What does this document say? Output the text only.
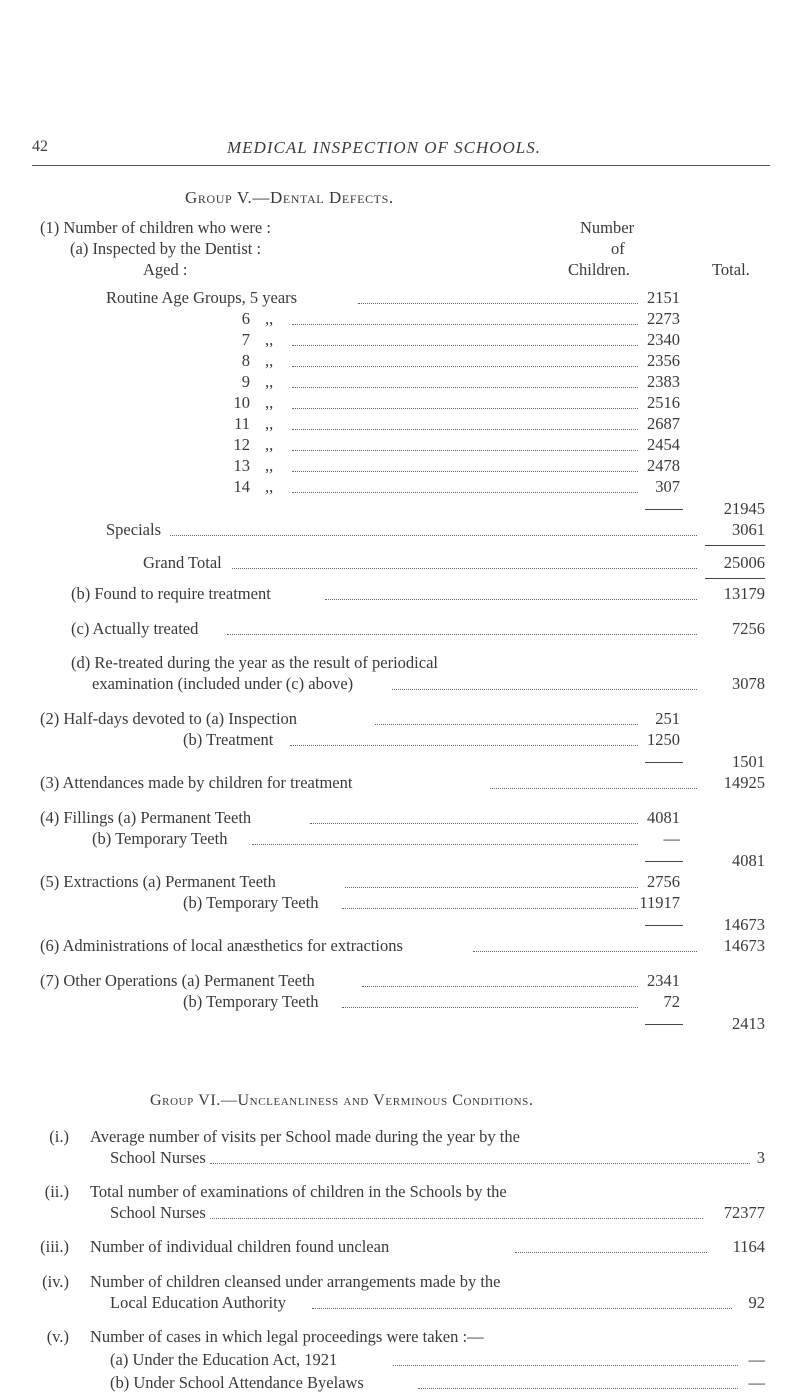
42	MEDICAL INSPECTION OF SCHOOLS.
Group V.—Dental Defects.
(1) Number of children who were :
(a) Inspected by the Dentist :
Aged :
Number
of
Children.	Total.
Routine Age Groups, 5 years	2151
6 ,,	2273
7 ,,	2340
8 ,,	2356
9 ,,	2383
10 ,,	2516
11 ,,	2687
12 ,,	2454
13 ,,	2478
14 ,,	307
21945
Specials	3061
Grand Total	25006
(b) Found to require treatment	13179
(c) Actually treated	7256
(d) Re-treated during the year as the result of periodical
examination (included under (c) above)	3078
(2) Half-days devoted to (a) Inspection	251
(b) Treatment	1250
1501
(3) Attendances made by children for treatment	14925
(4) Fillings (a) Permanent Teeth	4081
(b) Temporary Teeth	—
4081
(5) Extractions (a) Permanent Teeth	2756
(b) Temporary Teeth	11917
14673
(6) Administrations of local anæsthetics for extractions	14673
(7) Other Operations (a) Permanent Teeth	2341
(b) Temporary Teeth	72
2413
Group VI.—Uncleanliness and Verminous Conditions.
(i.) Average number of visits per School made during the year by the
School Nurses	3
(ii.) Total number of examinations of children in the Schools by the
School Nurses	72377
(iii.) Number of individual children found unclean	1164
(iv.) Number of children cleansed under arrangements made by the
Local Education Authority	92
(v.) Number of cases in which legal proceedings were taken :—
(a) Under the Education Act, 1921	—
(b) Under School Attendance Byelaws	—
